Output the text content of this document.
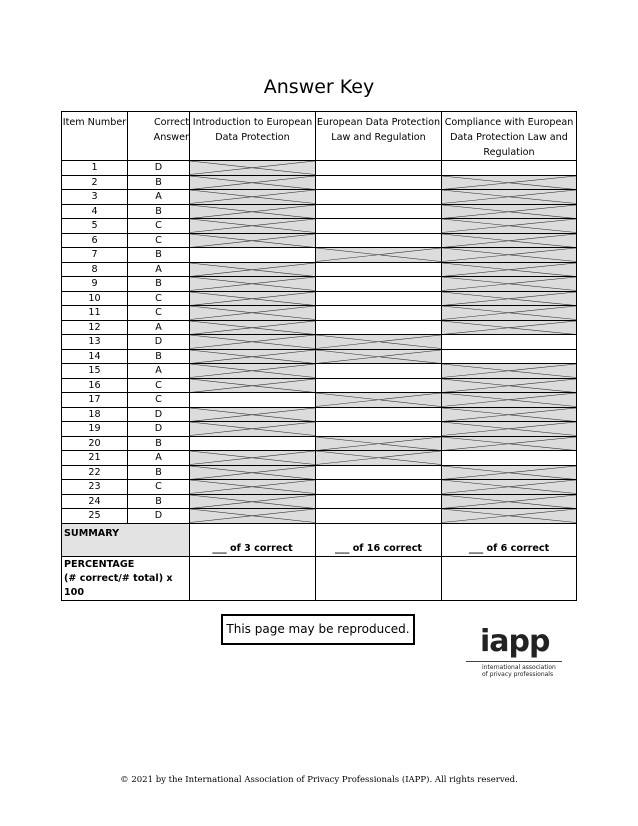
Answer Key
Item Number	Correct Answer	Introduction to European Data Protection	European Data Protection Law and Regulation	Compliance with European Data Protection Law and Regulation
1	D	

2	B	

3	A	

4	B	

5	C	

6	C	

7	B		

8	A	

9	B	

10	C	

11	C	

12	A	

13	D	

14	B	

15	A	

16	C	

17	C		

18	D	

19	D	

20	B		

21	A	

22	B	

23	C	

24	B	

25	D	

SUMMARY		___ of 3 correct	___ of 16 correct	___ of 6 correct

PERCENTAGE
(# correct/# total) x 100				

This page may be reproduced. iapp
international association
of privacy professionals
© 2021 by the International Association of Privacy Professionals (IAPP). All rights reserved.
